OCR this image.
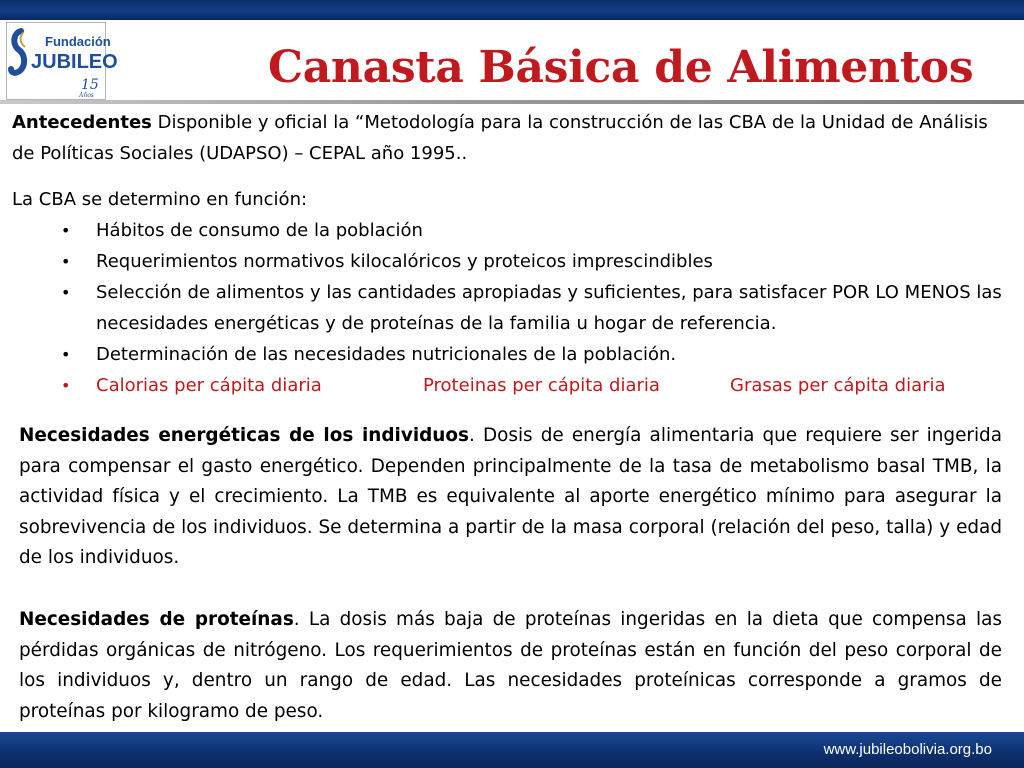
Fundación
JUBILEO
15
Años
Canasta Básica de Alimentos

Antecedentes Disponible y oficial la “Metodología para la construcción de las CBA de la Unidad de Análisis de Políticas Sociales (UDAPSO) – CEPAL año 1995..

La CBA se determino en función:

• Hábitos de consumo de la población
• Requerimientos normativos kilocalóricos y proteicos imprescindibles
• Selección de alimentos y las cantidades apropiadas y suficientes, para satisfacer POR LO MENOS las necesidades energéticas y de proteínas de la familia u hogar de referencia.
• Determinación de las necesidades nutricionales de la población.
• Calorias per cápita diaria	Proteinas per cápita diaria	Grasas per cápita diaria

Necesidades energéticas de los individuos. Dosis de energía alimentaria que requiere ser ingerida para compensar el gasto energético. Dependen principalmente de la tasa de metabolismo basal TMB, la actividad física y el crecimiento. La TMB es equivalente al aporte energético mínimo para asegurar la sobrevivencia de los individuos. Se determina a partir de la masa corporal (relación del peso, talla) y edad de los individuos.

Necesidades de proteínas. La dosis más baja de proteínas ingeridas en la dieta que compensa las pérdidas orgánicas de nitrógeno. Los requerimientos de proteínas están en función del peso corporal de los individuos y, dentro un rango de edad. Las necesidades proteínicas corresponde a gramos de proteínas por kilogramo de peso.

www.jubileobolivia.org.bo
